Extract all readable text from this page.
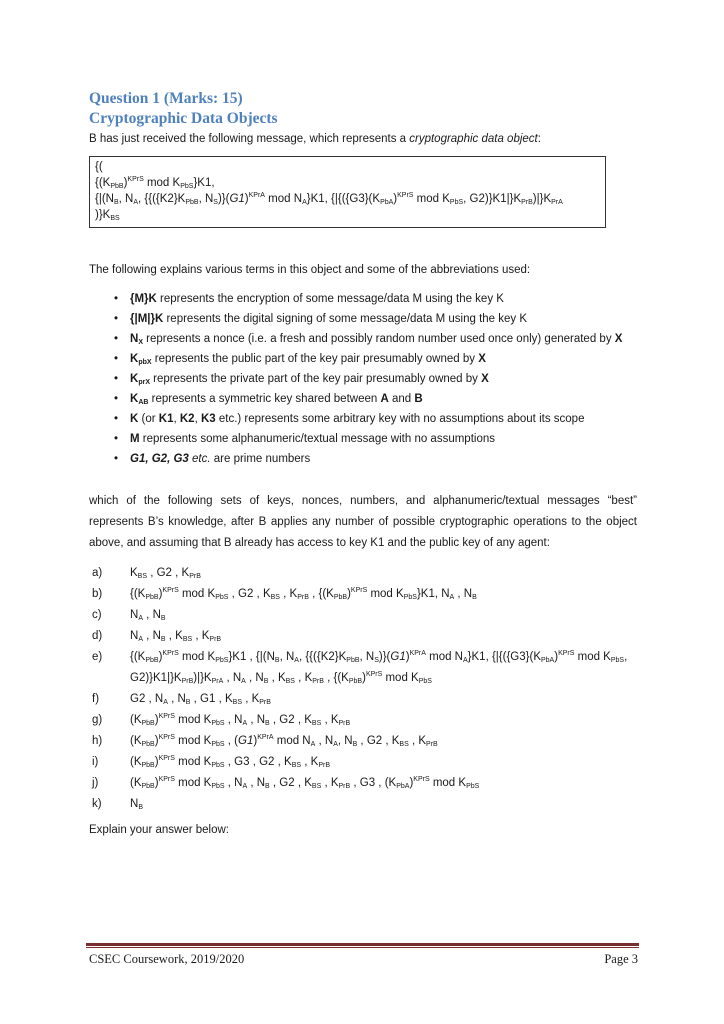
Question 1 (Marks: 15)
Cryptographic Data Objects
B has just received the following message, which represents a cryptographic data object:
{(
{$(K_{PbB})^{KPrS}$ mod $K_{PbS}\}K1$,
{$|(N_B$, $N_A$, {{($\{K2\}K_{PbB}$, $N_S)\}(G1)^{KPrA}$ mod $N_A\}K1$, {$|\{(\{G3\}(K_{PbA})^{KPrS}$ mod $K_{PbS}$, $G2)\}K1|\}K_{PrB})|\}K_{PrA}$
)}$K_{BS}$
The following explains various terms in this object and some of the abbreviations used:
• {M}K represents the encryption of some message/data M using the key K
• {|M|}K represents the digital signing of some message/data M using the key K
• $N_X$ represents a nonce (i.e. a fresh and possibly random number used once only) generated by X
• $K_{pbX}$ represents the public part of the key pair presumably owned by X
• $K_{prX}$ represents the private part of the key pair presumably owned by X
• $K_{AB}$ represents a symmetric key shared between A and B
• K (or K1, K2, K3 etc.) represents some arbitrary key with no assumptions about its scope
• M represents some alphanumeric/textual message with no assumptions
• G1, G2, G3 etc. are prime numbers
which of the following sets of keys, nonces, numbers, and alphanumeric/textual messages “best” represents B’s knowledge, after B applies any number of possible cryptographic operations to the object above, and assuming that B already has access to key K1 and the public key of any agent:
a) $K_{BS}$ , G2 , $K_{PrB}$
b) {$(K_{PbB})^{KPrS}$ mod $K_{PbS}$ , G2 , $K_{BS}$ , $K_{PrB}$ , {$(K_{PbB})^{KPrS}$ mod $K_{PbS}\}K1$, $N_A$ , $N_B$
c) $N_A$ , $N_B$
d) $N_A$ , $N_B$ , $K_{BS}$ , $K_{PrB}$
e) {$(K_{PbB})^{KPrS}$ mod $K_{PbS}\}K1$ , {$|(N_B$, $N_A$, {{($\{K2\}K_{PbB}$, $N_S)\}(G1)^{KPrA}$ mod $N_A\}K1$, {$|\{(\{G3\}(K_{PbA})^{KPrS}$ mod $K_{PbS}$, $G2)\}K1|\}K_{PrB})|\}K_{PrA}$ , $N_A$ , $N_B$ , $K_{BS}$ , $K_{PrB}$ , {$(K_{PbB})^{KPrS}$ mod $K_{PbS}$
f)	G2 , $N_A$ , $N_B$ , G1 , $K_{BS}$ , $K_{PrB}$
g) $(K_{PbB})^{KPrS}$ mod $K_{PbS}$ , $N_A$ , $N_B$ , G2 , $K_{BS}$ , $K_{PrB}$
h) $(K_{PbB})^{KPrS}$ mod $K_{PbS}$ , $(G1)^{KPrA}$ mod $N_A$ , $N_A$, $N_B$ , G2 , $K_{BS}$ , $K_{PrB}$
i)	$(K_{PbB})^{KPrS}$ mod $K_{PbS}$ , G3 , G2 , $K_{BS}$ , $K_{PrB}$
j)	$(K_{PbB})^{KPrS}$ mod $K_{PbS}$ , $N_A$ , $N_B$ , G2 , $K_{BS}$ , $K_{PrB}$ , G3 , $(K_{PbA})^{KPrS}$ mod $K_{PbS}$
k) $N_B$
Explain your answer below:
CSEC Coursework, 2019/2020	Page 3
